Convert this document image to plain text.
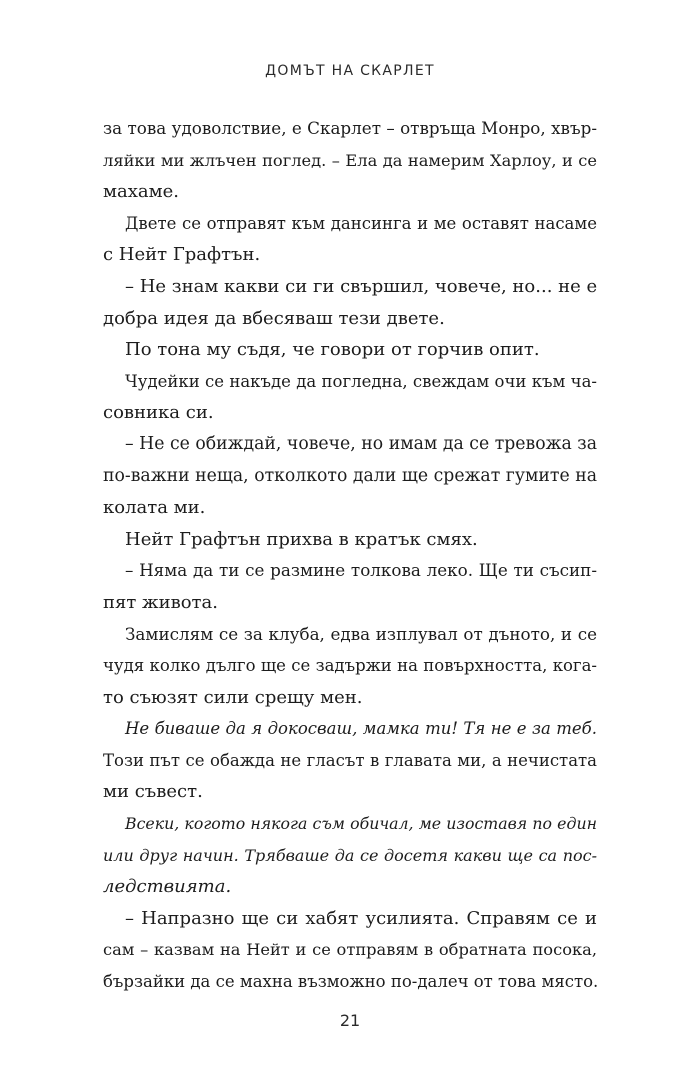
ДОМЪТ НА СКАРЛЕТ
за това удоволствие, е Скарлет – отвръща Монро, хвър-
ляйки ми жлъчен поглед. – Ела да намерим Харлоу, и се
махаме.
Двете се отправят към дансинга и ме оставят насаме
с Нейт Графтън.
– Не знам какви си ги свършил, човече, но... не е
добра идея да вбесяваш тези двете.
По тона му съдя, че говори от горчив опит.
Чудейки се накъде да погледна, свеждам очи към ча-
совника си.
– Не се обиждай, човече, но имам да се тревожа за
по-важни неща, отколкото дали ще срежат гумите на
колата ми.
Нейт Графтън прихва в кратък смях.
– Няма да ти се размине толкова леко. Ще ти съсип-
пят живота.
Замислям се за клуба, едва изплувал от дъното, и се
чудя колко дълго ще се задържи на повърхността, кога-
то съюзят сили срещу мен.
Не биваше да я докосваш, мамка ти! Тя не е за теб.
Този път се обажда не гласът в главата ми, а нечистата
ми съвест.
Всеки, когото някога съм обичал, ме изоставя по един
или друг начин. Трябваше да се досетя какви ще са пос-
ледствията.
– Напразно ще си хабят усилията. Справям се и
сам – казвам на Нейт и се отправям в обратната посока,
бързайки да се махна възможно по-далеч от това място.
21
